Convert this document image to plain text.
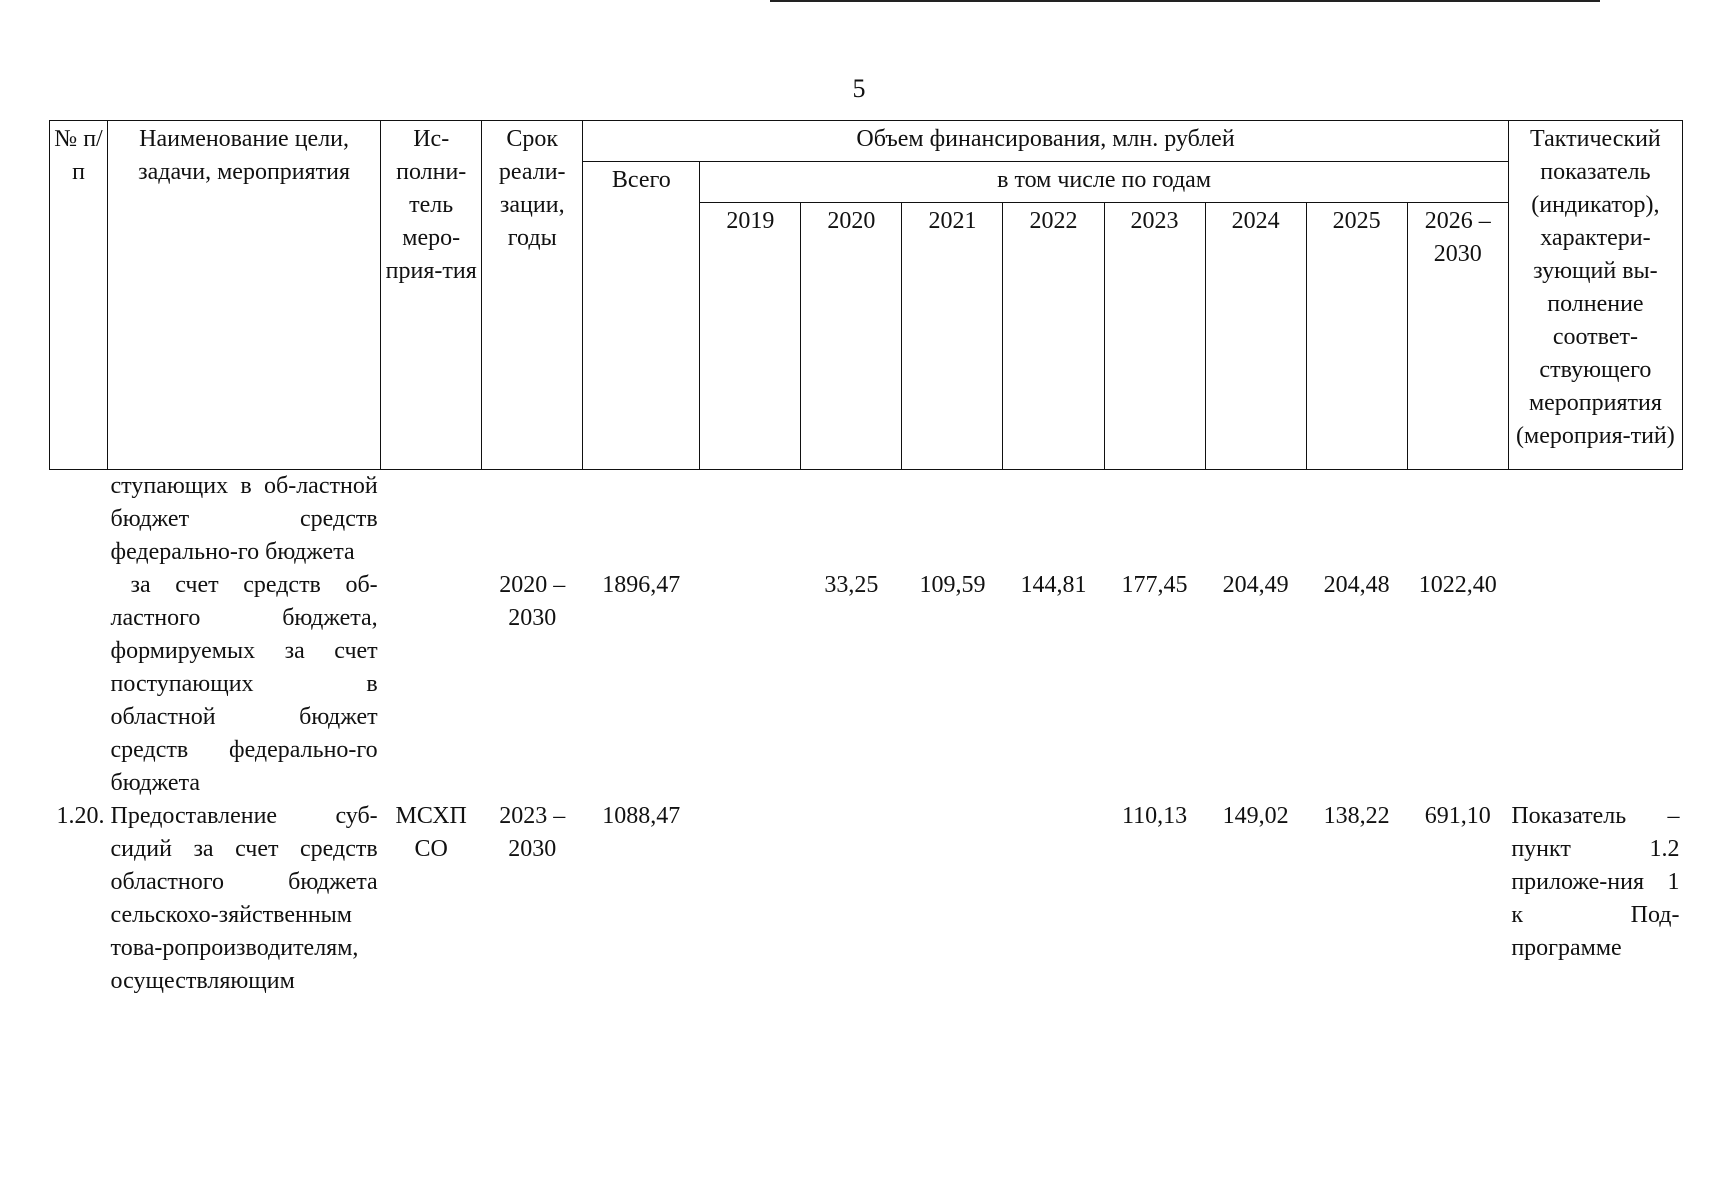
5
№ п/п	Наименование цели, задачи, мероприятия	Ис-полни-тель меро-прия-тия	Срок реали-зации, годы	Объем финансирования, млн. рублей									Тактический показатель (индикатор), характери-зующий вы-полнение соответ-ствующего мероприятия (мероприя-тий)
				Всего	в том числе по годам								
					2019	2020	2021	2022	2023	2024	2025	2026 – 2030	
	ступающих в об-ластной бюджет средств федерально-го бюджета												
	за счет средств об-ластного бюджета, формируемых за счет поступающих в областной бюджет средств федерально-го бюджета		2020 – 2030	1896,47		33,25	109,59	144,81	177,45	204,49	204,48	1022,40	
1.20.	Предоставление суб-сидий за счет средств областного бюджета сельскохо-зяйственным това-ропроизводителям, осуществляющим	МСХП СО	2023 – 2030	1088,47					110,13	149,02	138,22	691,10	Показатель – пункт 1.2 приложе-ния 1 к Под-программе
